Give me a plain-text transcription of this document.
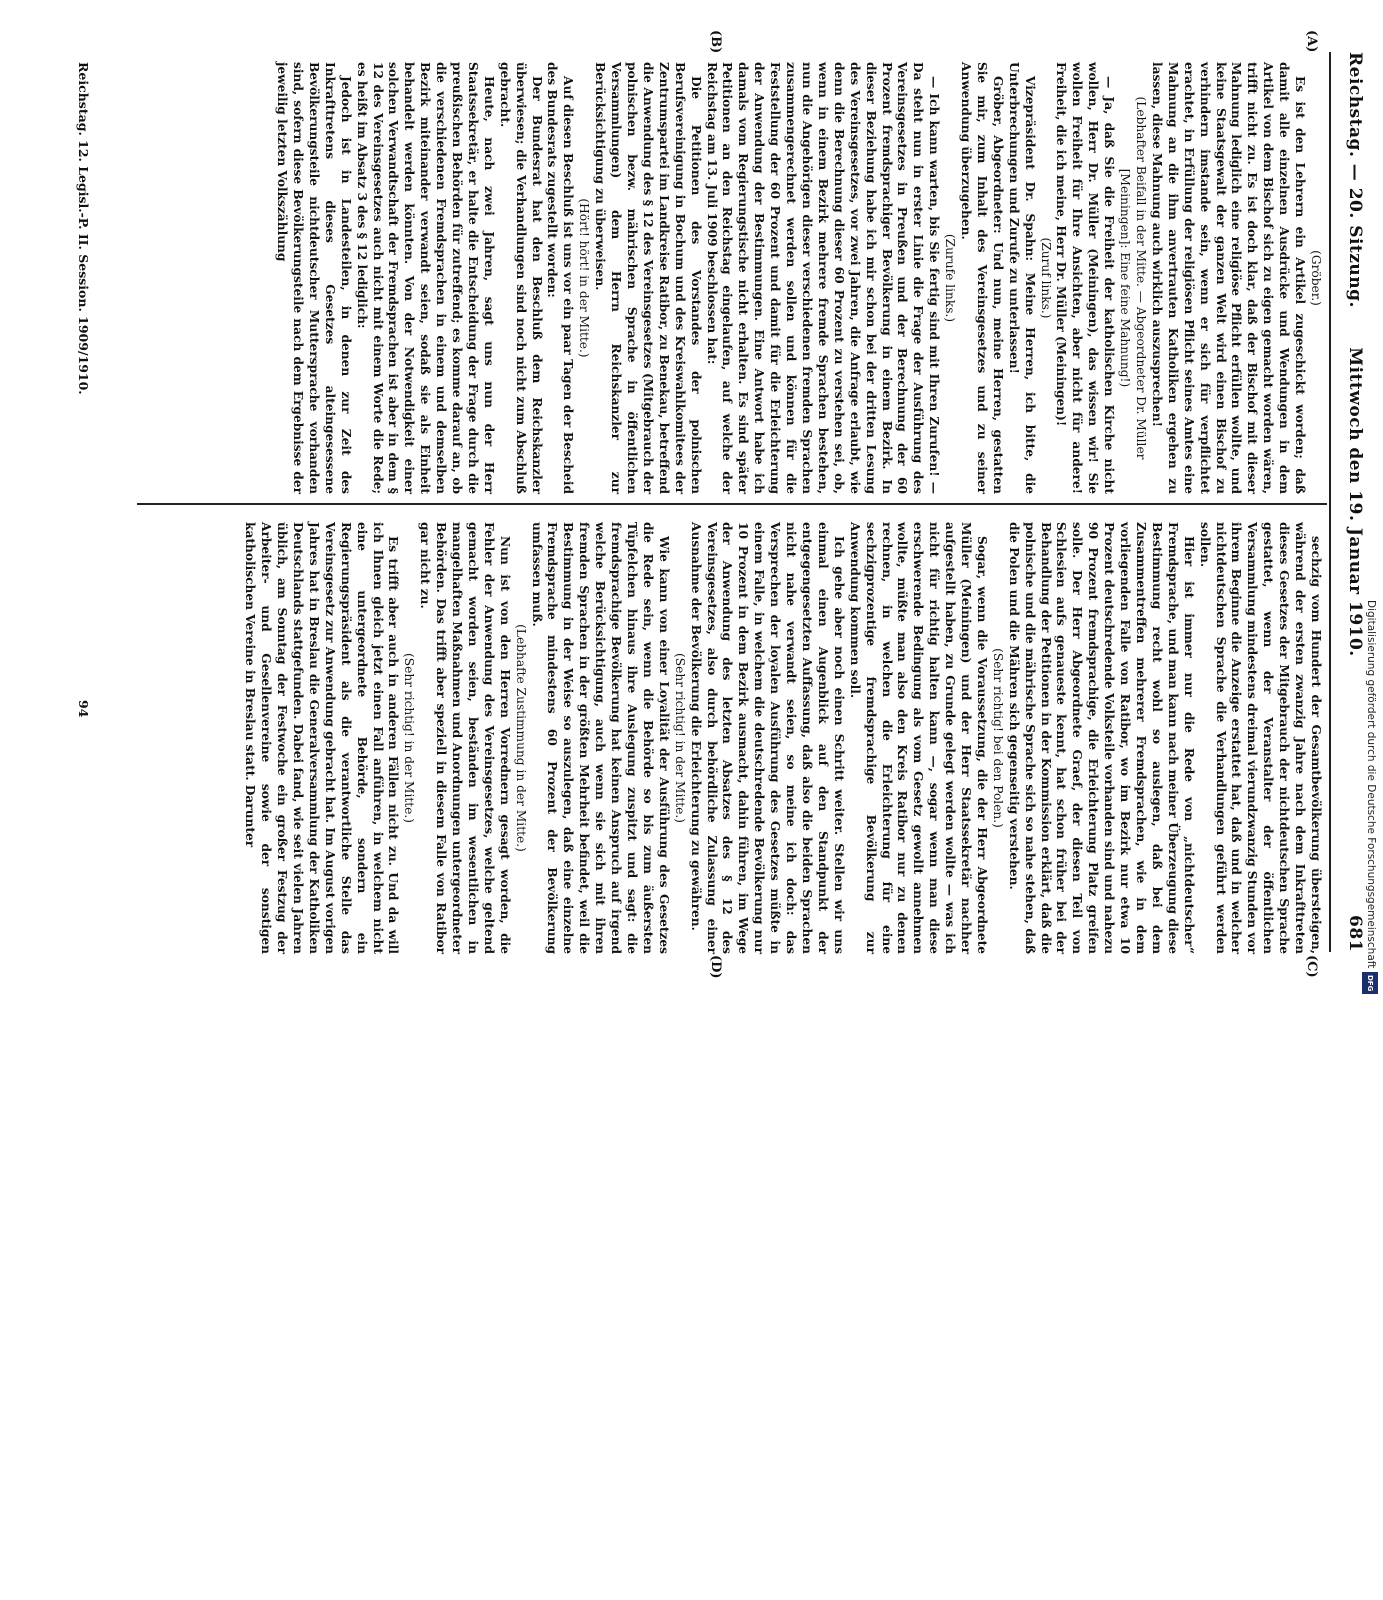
Reichstag. — 20. Sitzung.
Mittwoch den 19. Januar 1910.
681
(A)
(B)
(C)
(D)

(Gröber.)

Es ist den Lehrern ein Artikel zugeschickt worden; daß damit alle einzelnen Ausdrücke und Wendungen in dem Artikel von dem Bischof sich zu eigen gemacht worden wären, trifft nicht zu. Es ist doch klar, daß der Bischof mit dieser Mahnung lediglich eine religiöse Pflicht erfüllen wollte, und keine Staatsgewalt der ganzen Welt wird einen Bischof zu verhindern imstande sein, wenn er sich für verpflichtet erachtet, in Erfüllung der religiösen Pflicht seines Amtes eine Mahnung an die ihm anvertrauten Katholiken ergehen zu lassen, diese Mahnung auch wirklich auszusprechen!

(Lebhafter Beifall in der Mitte. — Abgeordneter Dr. Müller [Meiningen]: Eine feine Mahnung!)

— Ja, daß Sie die Freiheit der katholischen Kirche nicht wollen, Herr Dr. Müller (Meiningen), das wissen wir! Sie wollen Freiheit für Ihre Ansichten, aber nicht für andere! Freiheit, die ich meine, Herr Dr. Müller (Meiningen)!

(Zuruf links.)

Vizepräsident Dr. Spahn: Meine Herren, ich bitte, die Unterbrechungen und Zurufe zu unterlassen!

Gröber, Abgeordneter: Und nun, meine Herren, gestatten Sie mir, zum Inhalt des Vereinsgesetzes und zu seiner Anwendung überzugehen.

(Zurufe links.)

— Ich kann warten, bis Sie fertig sind mit Ihren Zurufen! — Da steht nun in erster Linie die Frage der Ausführung des Vereinsgesetzes in Preußen und der Berechnung der 60 Prozent fremdsprachiger Bevölkerung in einem Bezirk. In dieser Beziehung habe ich mir schon bei der dritten Lesung des Vereinsgesetzes, vor zwei Jahren, die Anfrage erlaubt, wie denn die Berechnung dieser 60 Prozent zu verstehen sei, ob, wenn in einem Bezirk mehrere fremde Sprachen bestehen, nun die Angehörigen dieser verschiedenen fremden Sprachen zusammengerechnet werden sollen und können für die Feststellung der 60 Prozent und damit für die Erleichterung der Anwendung der Bestimmungen. Eine Antwort habe ich damals vom Regierungstische nicht erhalten. Es sind später Petitionen an den Reichstag eingelaufen, auf welche der Reichstag am 13. Juli 1909 beschlossen hat:

Die Petitionen des Vorstandes der polnischen Berufsvereinigung in Bochum und des Kreiswahlkomitees der Zentrumspartei im Landkreise Ratibor, zu Benekau, betreffend die Anwendung des § 12 des Vereinsgesetzes (Mitgebrauch der polnischen bezw. mährischen Sprache in öffentlichen Versammlungen) dem Herrn Reichskanzler zur Berücksichtigung zu überweisen.

(Hört! hört! in der Mitte.)

Auf diesen Beschluß ist uns vor ein paar Tagen der Bescheid des Bundesrats zugestellt worden:

Der Bundesrat hat den Beschluß dem Reichskanzler überwiesen; die Verhandlungen sind noch nicht zum Abschluß gebracht.

Heute, nach zwei Jahren, sagt uns nun der Herr Staatssekretär, er halte die Entscheidung der Frage durch die preußischen Behörden für zutreffend; es komme darauf an, ob die verschiedenen Fremdsprachen in einem und demselben Bezirk miteinander verwandt seien, sodaß sie als Einheit behandelt werden könnten. Von der Notwendigkeit einer solchen Verwandtschaft der Fremdsprachen ist aber in dem § 12 des Vereinsgesetzes auch nicht mit einem Worte die Rede; es heißt im Absatz 3 des § 12 lediglich:

Jedoch ist in Landesteilen, in denen zur Zeit des Inkrafttretens dieses Gesetzes alteingesessene Bevölkerungsteile nichtdeutscher Muttersprache vorhanden sind, sofern diese Bevölkerungsteile nach dem Ergebnisse der jeweilig letzten Volkszählung

sechzig vom Hundert der Gesamtbevölkerung übersteigen, während der ersten zwanzig Jahre nach dem Inkrafttreten dieses Gesetzes der Mitgebrauch der nichtdeutschen Sprache gestattet, wenn der Veranstalter der öffentlichen Versammlung mindestens dreimal vierundzwanzig Stunden vor ihrem Beginne die Anzeige erstattet hat, daß und in welcher nichtdeutschen Sprache die Verhandlungen geführt werden sollen.

Hier ist immer nur die Rede von „nichtdeutscher“ Fremdsprache, und man kann nach meiner Überzeugung diese Bestimmung recht wohl so auslegen, daß bei dem Zusammentreffen mehrerer Fremdsprachen, wie in dem vorliegenden Falle von Ratibor, wo im Bezirk nur etwa 10 Prozent deutschredende Volksteile vorhanden sind und nahezu 90 Prozent fremdsprachige, die Erleichterung Platz greifen solle. Der Herr Abgeordnete Graef, der diesen Teil von Schlesien aufs genaueste kennt, hat schon früher bei der Behandlung der Petitionen in der Kommission erklärt, daß die polnische und die mährische Sprache sich so nahe stehen, daß die Polen und die Mähren sich gegenseitig verstehen.

(Sehr richtig! bei den Polen.)

Sogar, wenn die Voraussetzung, die der Herr Abgeordnete Müller (Meiningen) und der Herr Staatssekretär nachher aufgestellt haben, zu Grunde gelegt werden wollte — was ich nicht für richtig halten kann —, sogar wenn man diese erschwerende Bedingung als vom Gesetz gewollt annehmen wollte, müßte man also den Kreis Ratibor nur zu denen rechnen, in welchen die Erleichterung für eine sechzigprozentige fremdsprachige Bevölkerung zur Anwendung kommen soll.

Ich gehe aber noch einen Schritt weiter. Stellen wir uns einmal einen Augenblick auf den Standpunkt der entgegengesetzten Auffassung, daß also die beiden Sprachen nicht nahe verwandt seien, so meine ich doch: das Versprechen der loyalen Ausführung des Gesetzes müßte in einem Falle, in welchem die deutschredende Bevölkerung nur 10 Prozent in dem Bezirk ausmacht, dahin führen, im Wege der Anwendung des letzten Absatzes des § 12 des Vereinsgesetzes, also durch behördliche Zulassung einer Ausnahme der Bevölkerung die Erleichterung zu gewähren.

(Sehr richtig! in der Mitte.)

Wie kann von einer Loyalität der Ausführung des Gesetzes die Rede sein, wenn die Behörde so bis zum äußersten Tüpfelchen hinaus ihre Auslegung zuspitzt und sagt: die fremdsprachige Bevölkerung hat keinen Anspruch auf irgend welche Berücksichtigung, auch wenn sie sich mit ihren fremden Sprachen in der größten Mehrheit befindet, weil die Bestimmung in der Weise so auszulegen, daß eine einzelne Fremdsprache mindestens 60 Prozent der Bevölkerung umfassen muß.

(Lebhafte Zustimmung in der Mitte.)

Nun ist von den Herren Vorrednern gesagt worden, die Fehler der Anwendung des Vereinsgesetzes, welche geltend gemacht worden seien, beständen im wesentlichen in mangelhaften Maßnahmen und Anordnungen untergeordneter Behörden. Das trifft aber speziell in diesem Falle von Ratibor gar nicht zu.

(Sehr richtig! in der Mitte.)

Es trifft aber auch in anderen Fällen nicht zu. Und da will ich Ihnen gleich jetzt einen Fall anführen, in welchem nicht eine untergeordnete Behörde, sondern ein Regierungspräsident als die verantwortliche Stelle das Vereinsgesetz zur Anwendung gebracht hat. Im August vorigen Jahres hat in Breslau die Generalversammlung der Katholiken Deutschlands stattgefunden. Dabei fand, wie seit vielen Jahren üblich, am Sonntag der Festwoche ein großer Festzug der Arbeiter- und Gesellenvereine sowie der sonstigen katholischen Vereine in Breslau statt. Darunter

Reichstag. 12. Legisl.-P. II. Session. 1909/1910.
94	Digitalisierung gefördert durch die Deutsche Forschungsgemeinschaft
DFG
